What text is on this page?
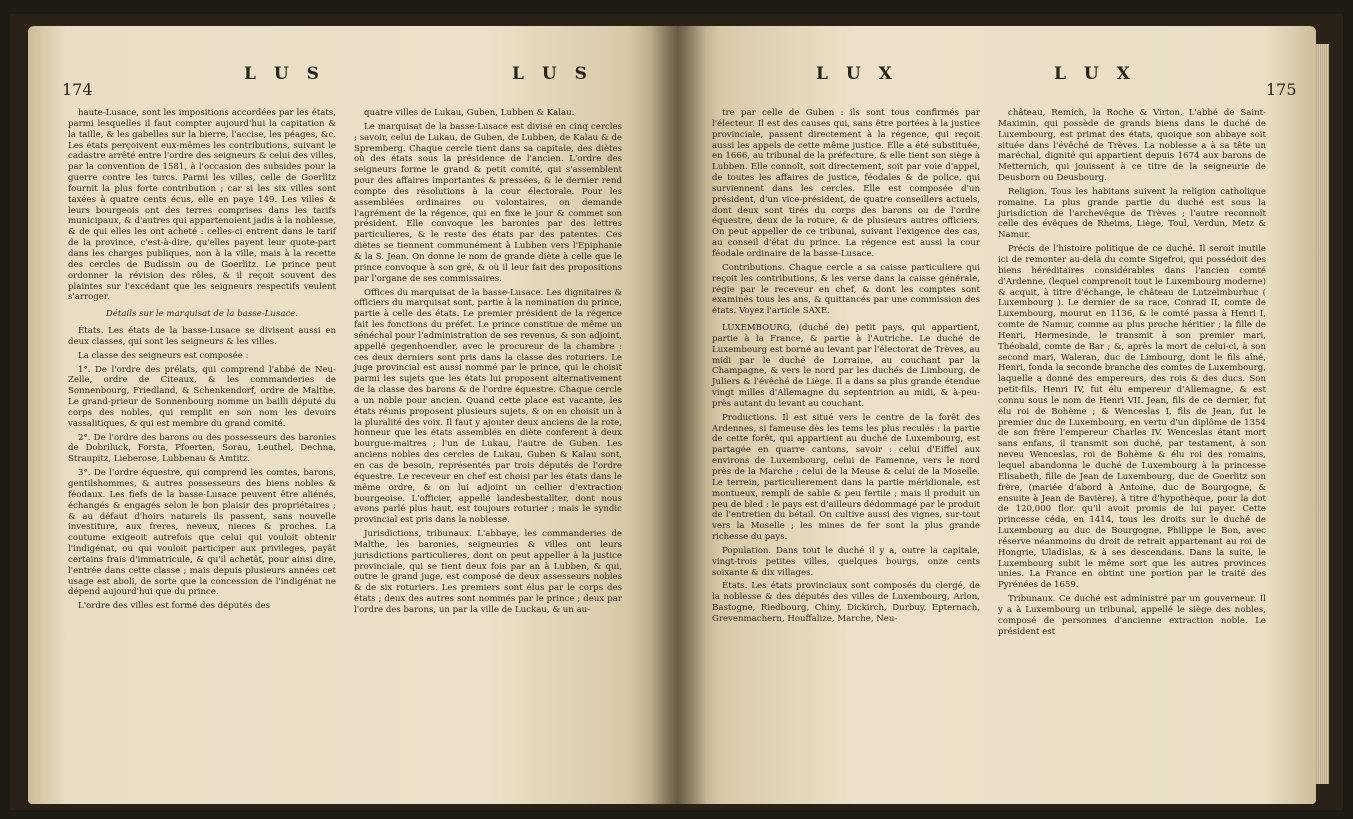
174
L U S	L U S

haute-Lusace, sont les impositions accordées par les états, parmi lesquelles il faut compter aujourd'hui la capitation & la taille, & les gabelles sur la bierre, l'accise, les péages, &c. Les états perçoivent eux-mêmes les contributions, suivant le cadastre arrêté entre l'ordre des seigneurs & celui des villes, par la convention de 1581, à l'occasion des subsides pour la guerre contre les turcs. Parmi les villes, celle de Goerlitz fournit la plus forte contribution ; car si les six villes sont taxées à quatre cents écus, elle en paye 149. Les villes & leurs bourgeois ont des terres comprises dans les tarifs municipaux, & d'autres qui appartenoient jadis à la noblesse, & de qui elles les ont acheté : celles-ci entrent dans le tarif de la province, c'est-à-dire, qu'elles payent leur quote-part dans les charges publiques, non à la ville, mais à la recette des cercles de Budissin ou de Goerlitz. Le prince peut ordonner la révision des rôles, & il reçoit souvent des plaintes sur l'excédant que les seigneurs respectifs veulent s'arroger.

Détails sur le marquisat de la basse-Lusace.

États. Les états de la basse-Lusace se divisent aussi en deux classes, qui sont les seigneurs & les villes.

La classe des seigneurs est composée :

1°. De l'ordre des prélats, qui comprend l'abbé de Neu-Zelle, ordre de Citeaux, & les commanderies de Sonnenbourg, Friedland, & Schenkendorf, ordre de Malthe. Le grand-prieur de Sonnenbourg nomme un bailli député du corps des nobles, qui remplit en son nom les devoirs vassalitiques, & qui est membre du grand comité.

2°. De l'ordre des barons ou des possesseurs des baronies de Dobriluck, Forsta, Pfoerten, Sorau, Leuthel, Dechna, Straupitz, Lieberose, Lubbenau & Amtitz.

3°. De l'ordre équestre, qui comprend les comtes, barons, gentilshommes, & autres possesseurs des biens nobles & féodaux. Les fiefs de la basse-Lusace peuvent être aliénés, échangés & engagés selon le bon plaisir des propriétaires ; & au défaut d'hoirs naturels ils passent, sans nouvelle investiture, aux freres, neveux, nieces & proches. La coutume exigeoit autrefois que celui qui vouloit obtenir l'indigénat, ou qui vouloit participer aux privileges, payât certains frais d'immatricule, & qu'il achetât, pour ainsi dire, l'entrée dans cette classe ; mais depuis plusieurs années cet usage est aboli, de sorte que la concession de l'indigénat ne dépend aujourd'hui que du prince.

L'ordre des villes est formé des députés des

quatre villes de Lukau, Guben, Lubben & Kalau.

Le marquisat de la basse-Lusace est divisé en cinq cercles ; savoir, celui de Lukau, de Guben, de Lubben, de Kalau & de Spremberg. Chaque cercle tient dans sa capitale, des diètes où des états sous la présidence de l'ancien. L'ordre des seigneurs forme le grand & petit comité, qui s'assemblent pour des affaires importantes & pressées, & le dernier rend compte des résolutions à la cour électorale. Pour les assemblées ordinaires ou volontaires, on demande l'agrément de la régence, qui en fixe le jour & commet son président. Elle convoque les baronies par des lettres particulieres, & le reste des états par des patentes. Ces diètes se tiennent communément à Lubben vers l'Epiphanie & la S. Jean. On donne le nom de grande diète à celle que le prince convoque à son gré, & où il leur fait des propositions par l'organe de ses commissaires.

Offices du marquisat de la basse-Lusace. Les dignitaires & officiers du marquisat sont, partie à la nomination du prince, partie à celle des états. Le premier président de la régence fait les fonctions du préfet. Le prince constitue de même un sénéchal pour l'administration de ses revenus, & son adjoint, appellé gegenhoendler, avec le procureur de la chambre : ces deux derniers sont pris dans la classe des roturiers. Le juge provincial est aussi nommé par le prince, qui le choisit parmi les sujets que les états lui proposent alternativement de la classe des barons & de l'ordre équestre. Chaque cercle a un noble pour ancien. Quand cette place est vacante, les états réunis proposent plusieurs sujets, & on en choisit un à la pluralité des voix. Il faut y ajouter deux anciens de la rote, honneur que les états assemblés en diète conferent à deux bourgue-maitres ; l'un de Lukau, l'autre de Guben. Les anciens nobles des cercles de Lukau, Guben & Kalau sont, en cas de besoin, représentés par trois députés de l'ordre équestre. Le receveur en chef est choisi par les états dans le même ordre, & on lui adjoint un cellier d'extraction bourgeoise. L'officier, appellé landesbestallter, dont nous avons parlé plus haut, est toujours roturier ; mais le syndic provincial est pris dans la noblesse.

Jurisdictions, tribunaux. L'abbaye, les commanderies de Malthe, les baronies, seigneuries & villes ont leurs jurisdictions particulieres, dont on peut appeller à la justice provinciale, qui se tient deux fois par an à Lubben, & qui, outre le grand juge, est composé de deux assesseurs nobles & de six roturiers. Les premiers sont élus par le corps des états ; deux des autres sont nommés par le prince ; deux par l'ordre des barons, un par la ville de Luckau, & un au-

L U X	L U X
175

tre par celle de Guben : ils sont tous confirmés par l'électeur. Il est des causes qui, sans être portées à la justice provinciale, passent directement à la régence, qui reçoit aussi les appels de cette même justice. Elle a été substituée, en 1666, au tribunal de la préfecture, & elle tient son siège à Lubben. Elle connoît, soit directement, soit par voie d'appel, de toutes les affaires de justice, féodales & de police, qui surviennent dans les cercles. Elle est composée d'un président, d'un vice-président, de quatre conseillers actuels, dont deux sont tirés du corps des barons ou de l'ordre équestre, deux de la roture, & de plusieurs autres officiers. On peut appeller de ce tribunal, suivant l'exigence des cas, au conseil d'état du prince. La régence est aussi la cour féodale ordinaire de la basse-Lusace.

Contributions. Chaque cercle a sa caisse particuliere qui reçoit les contributions, & les verse dans la caisse générale, régie par le receveur en chef, & dont les comptes sont examinés tous les ans, & quittancés par une commission des états. Voyez l'article SAXE.

LUXEMBOURG, (duché de) petit pays, qui appartient, partie à la France, & partie à l'Autriche. Le duché de Luxembourg est borné au levant par l'électorat de Trèves, au midi par le duché de Lorraine, au couchant par la Champagne, & vers le nord par les duchés de Limbourg, de Juliers & l'évêché de Liège. Il a dans sa plus grande étendue vingt milles d'Allemagne du septentrion au midi, & à-peu-près autant du levant au couchant.

Productions. Il est situé vers le centre de la forêt des Ardennes, si fameuse dès les tems les plus reculés : la partie de cette forêt, qui appartient au duché de Luxembourg, est partagée en quarre cantons, savoir : celui d'Eiffel aux environs de Luxembourg, celui de Famenne, vers le nord près de la Marche ; celui de la Meuse & celui de la Moselle. Le terrein, particulierement dans la partie méridionale, est montueux, rempli de sable & peu fertile ; mais il produit un peu de bled : le pays est d'ailleurs dédommagé par le produit de l'entretien du bétail. On cultive aussi des vignes, sur-tout vers la Moselle ; les mines de fer sont la plus grande richesse du pays.

Population. Dans tout le duché il y a, outre la capitale, vingt-trois petites villes, quelques bourgs, onze cents soixante & dix villages.

États. Les états provinciaux sont composés du clergé, de la noblesse & des députés des villes de Luxembourg, Arlon, Bastogne, Riedbourg, Chiny, Dickirch, Durbuy, Epternach, Grevenmachern, Houffalize, Marche, Neu-

château, Remich, la Roche & Virton. L'abbé de Saint-Maximin, qui possède de grands biens dans le duché de Luxembourg, est primat des états, quoique son abbaye soit située dans l'évêché de Trèves. La noblesse a à sa tête un maréchal, dignité qui appartient depuis 1674 aux barons de Metternich, qui jouissent à ce titre de la seigneurie de Deusborn ou Deusbourg.

Religion. Tous les habitans suivent la religion catholique romaine. La plus grande partie du duché est sous la jurisdiction de l'archevêque de Trèves ; l'autre reconnoît celle des évêques de Rheims, Liège, Toul, Verdun, Metz & Namur.

Précis de l'histoire politique de ce duché. Il seroit inutile ici de remonter au-delà du comte Sigefroi, qui possédoit des biens héréditaires considérables dans l'ancien comté d'Ardenne, (lequel comprenoit tout le Luxembourg moderne) & acquit, à titre d'échange, le château de Lutzelmburhuc ( Luxembourg ). Le dernier de sa race, Conrad II, comte de Luxembourg, mourut en 1136, & le comté passa à Henri I, comte de Namur, comme au plus proche héritier ; la fille de Henri, Hermesinde, le transmit à son premier mari, Théobald, comte de Bar ; &, après la mort de celui-ci, à son second mari, Waleran, duc de Limbourg, dont le fils aîné, Henri, fonda la seconde branche des comtes de Luxembourg, laquelle a donné des empereurs, des rois & des ducs. Son petit-fils, Henri IV, fut élu empereur d'Allemagne, & est connu sous le nom de Henri VII. Jean, fils de ce dernier, fut élu roi de Bohème ; & Wenceslas I, fils de Jean, fut le premier duc de Luxembourg, en vertu d'un diplôme de 1354 de son frère l'empereur Charles IV. Wenceslas étant mort sans enfans, il transmit son duché, par testament, à son neveu Wenceslas, roi de Bohème & élu roi des romains, lequel abandonna le duché de Luxembourg à la princesse Elisabeth, fille de Jean de Luxembourg, duc de Goerlitz son frère, (mariée d'abord à Antoine, duc de Bourgogne, & ensuite à Jean de Bavière), à titre d'hypothèque, pour la dot de 120,000 flor. qu'il avoit promis de lui payer. Cette princesse céda, en 1414, tous les droits sur le duché de Luxembourg au duc de Bourgogne, Philippe le Bon, avec réserve néanmoins du droit de retrait appartenant au roi de Hongrie, Uladislas, & à ses descendans. Dans la suite, le Luxembourg subit le même sort que les autres provinces unies. La France en obtint une portion par le traité des Pyrénées de 1659.

Tribunaux. Ce duché est administré par un gouverneur. Il y a à Luxembourg un tribunal, appellé le siège des nobles, composé de personnes d'ancienne extraction noble. Le président est
